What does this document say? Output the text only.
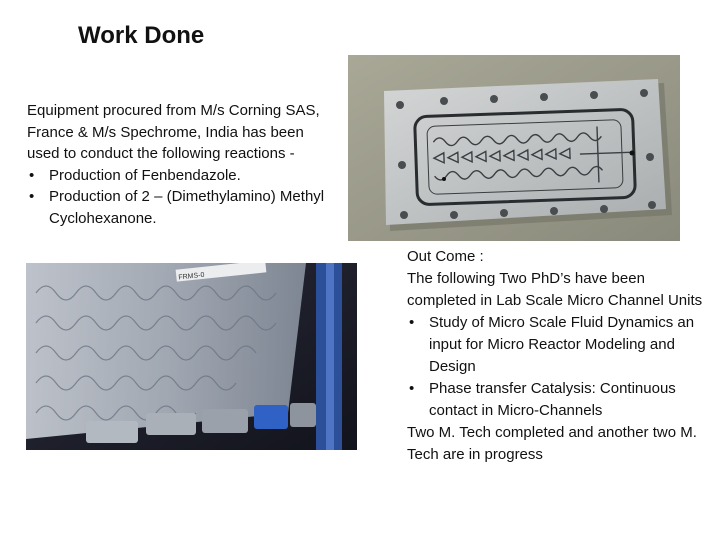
Work Done

Equipment procured from M/s Corning SAS, France & M/s Spechrome, India has been used to conduct the following reactions -

• Production of Fenbendazole.
• Production of 2 – (Dimethylamino) Methyl Cyclohexanone.
FRMS-0

Out Come :

The following Two PhD’s have been completed in Lab Scale Micro Channel Units

• Study of Micro Scale Fluid Dynamics an input for Micro Reactor Modeling and Design
• Phase transfer Catalysis: Continuous contact in Micro-Channels

Two M. Tech completed and another two M. Tech are in progress
